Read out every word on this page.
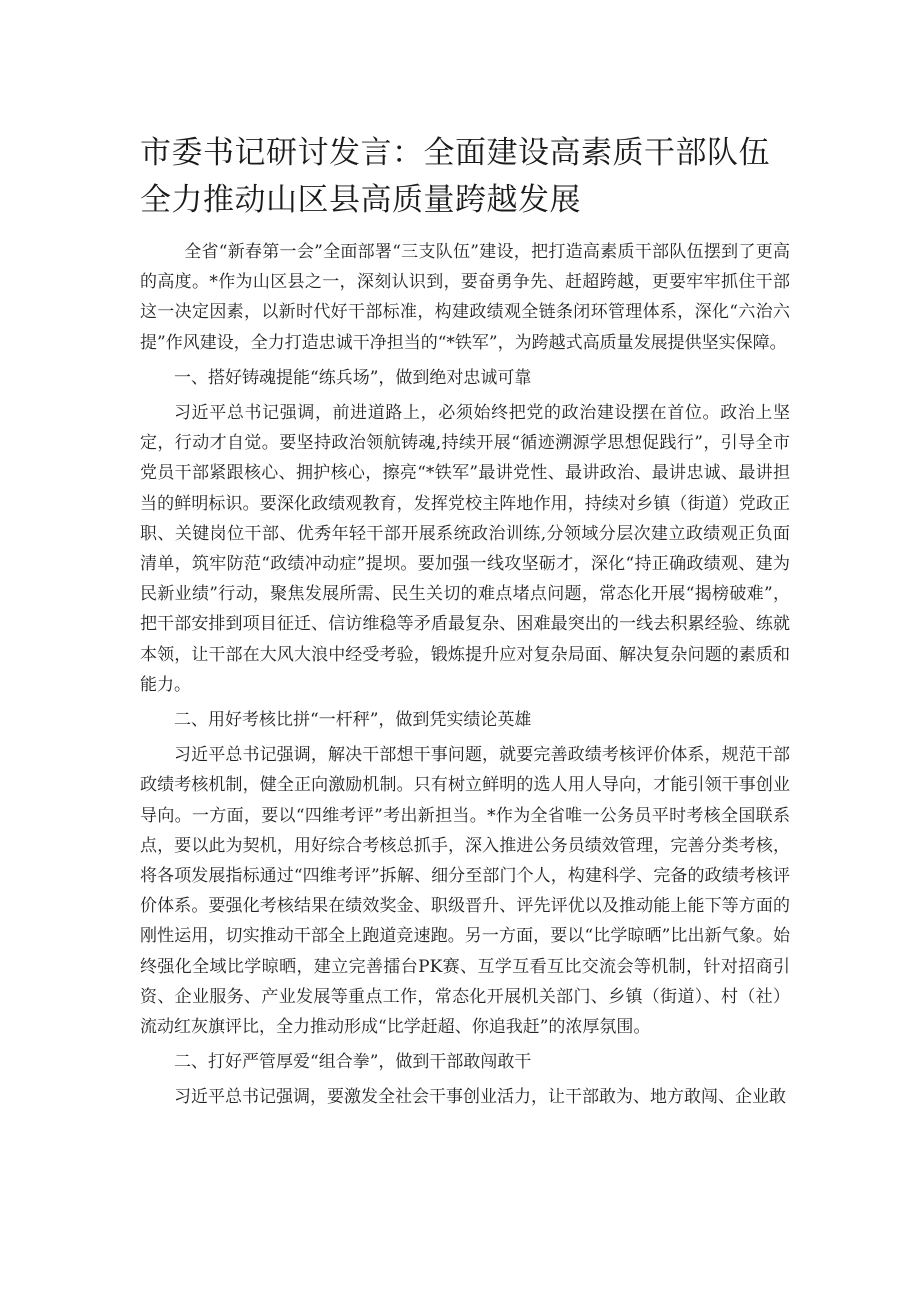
市委书记研讨发言：全面建设高素质干部队伍全力推动山区县高质量跨越发展

全省“新春第一会”全面部署“三支队伍”建设，把打造高素质干部队伍摆到了更高的高度。*作为山区县之一，深刻认识到，要奋勇争先、赶超跨越，更要牢牢抓住干部这一决定因素，以新时代好干部标准，构建政绩观全链条闭环管理体系，深化“六治六提”作风建设，全力打造忠诚干净担当的“*铁军”，为跨越式高质量发展提供坚实保障。

一、搭好铸魂提能“练兵场”，做到绝对忠诚可靠

习近平总书记强调，前进道路上，必须始终把党的政治建设摆在首位。政治上坚定，行动才自觉。要坚持政治领航铸魂,持续开展“循迹溯源学思想促践行”，引导全市党员干部紧跟核心、拥护核心，擦亮“*铁军”最讲党性、最讲政治、最讲忠诚、最讲担当的鲜明标识。要深化政绩观教育，发挥党校主阵地作用，持续对乡镇（街道）党政正职、关键岗位干部、优秀年轻干部开展系统政治训练,分领域分层次建立政绩观正负面清单，筑牢防范“政绩冲动症”提坝。要加强一线攻坚砺才，深化“持正确政绩观、建为民新业绩”行动，聚焦发展所需、民生关切的难点堵点问题，常态化开展“揭榜破难”，把干部安排到项目征迁、信访维稳等矛盾最复杂、困难最突出的一线去积累经验、练就本领，让干部在大风大浪中经受考验，锻炼提升应对复杂局面、解决复杂问题的素质和能力。

二、用好考核比拼“一杆秤”，做到凭实绩论英雄

习近平总书记强调，解决干部想干事问题，就要完善政绩考核评价体系，规范干部政绩考核机制，健全正向激励机制。只有树立鲜明的选人用人导向，才能引领干事创业导向。一方面，要以“四维考评”考出新担当。*作为全省唯一公务员平时考核全国联系点，要以此为契机，用好综合考核总抓手，深入推进公务员绩效管理，完善分类考核，将各项发展指标通过“四维考评”拆解、细分至部门个人，构建科学、完备的政绩考核评价体系。要强化考核结果在绩效奖金、职级晋升、评先评优以及推动能上能下等方面的刚性运用，切实推动干部全上跑道竞速跑。另一方面，要以“比学晾晒”比出新气象。始终强化全域比学晾晒，建立完善擂台PK赛、互学互看互比交流会等机制，针对招商引资、企业服务、产业发展等重点工作，常态化开展机关部门、乡镇（街道）、村（社）流动红灰旗评比，全力推动形成“比学赶超、你追我赶”的浓厚氛围。

二、打好严管厚爱“组合拳”，做到干部敢闯敢干

习近平总书记强调，要激发全社会干事创业活力，让干部敢为、地方敢闯、企业敢
